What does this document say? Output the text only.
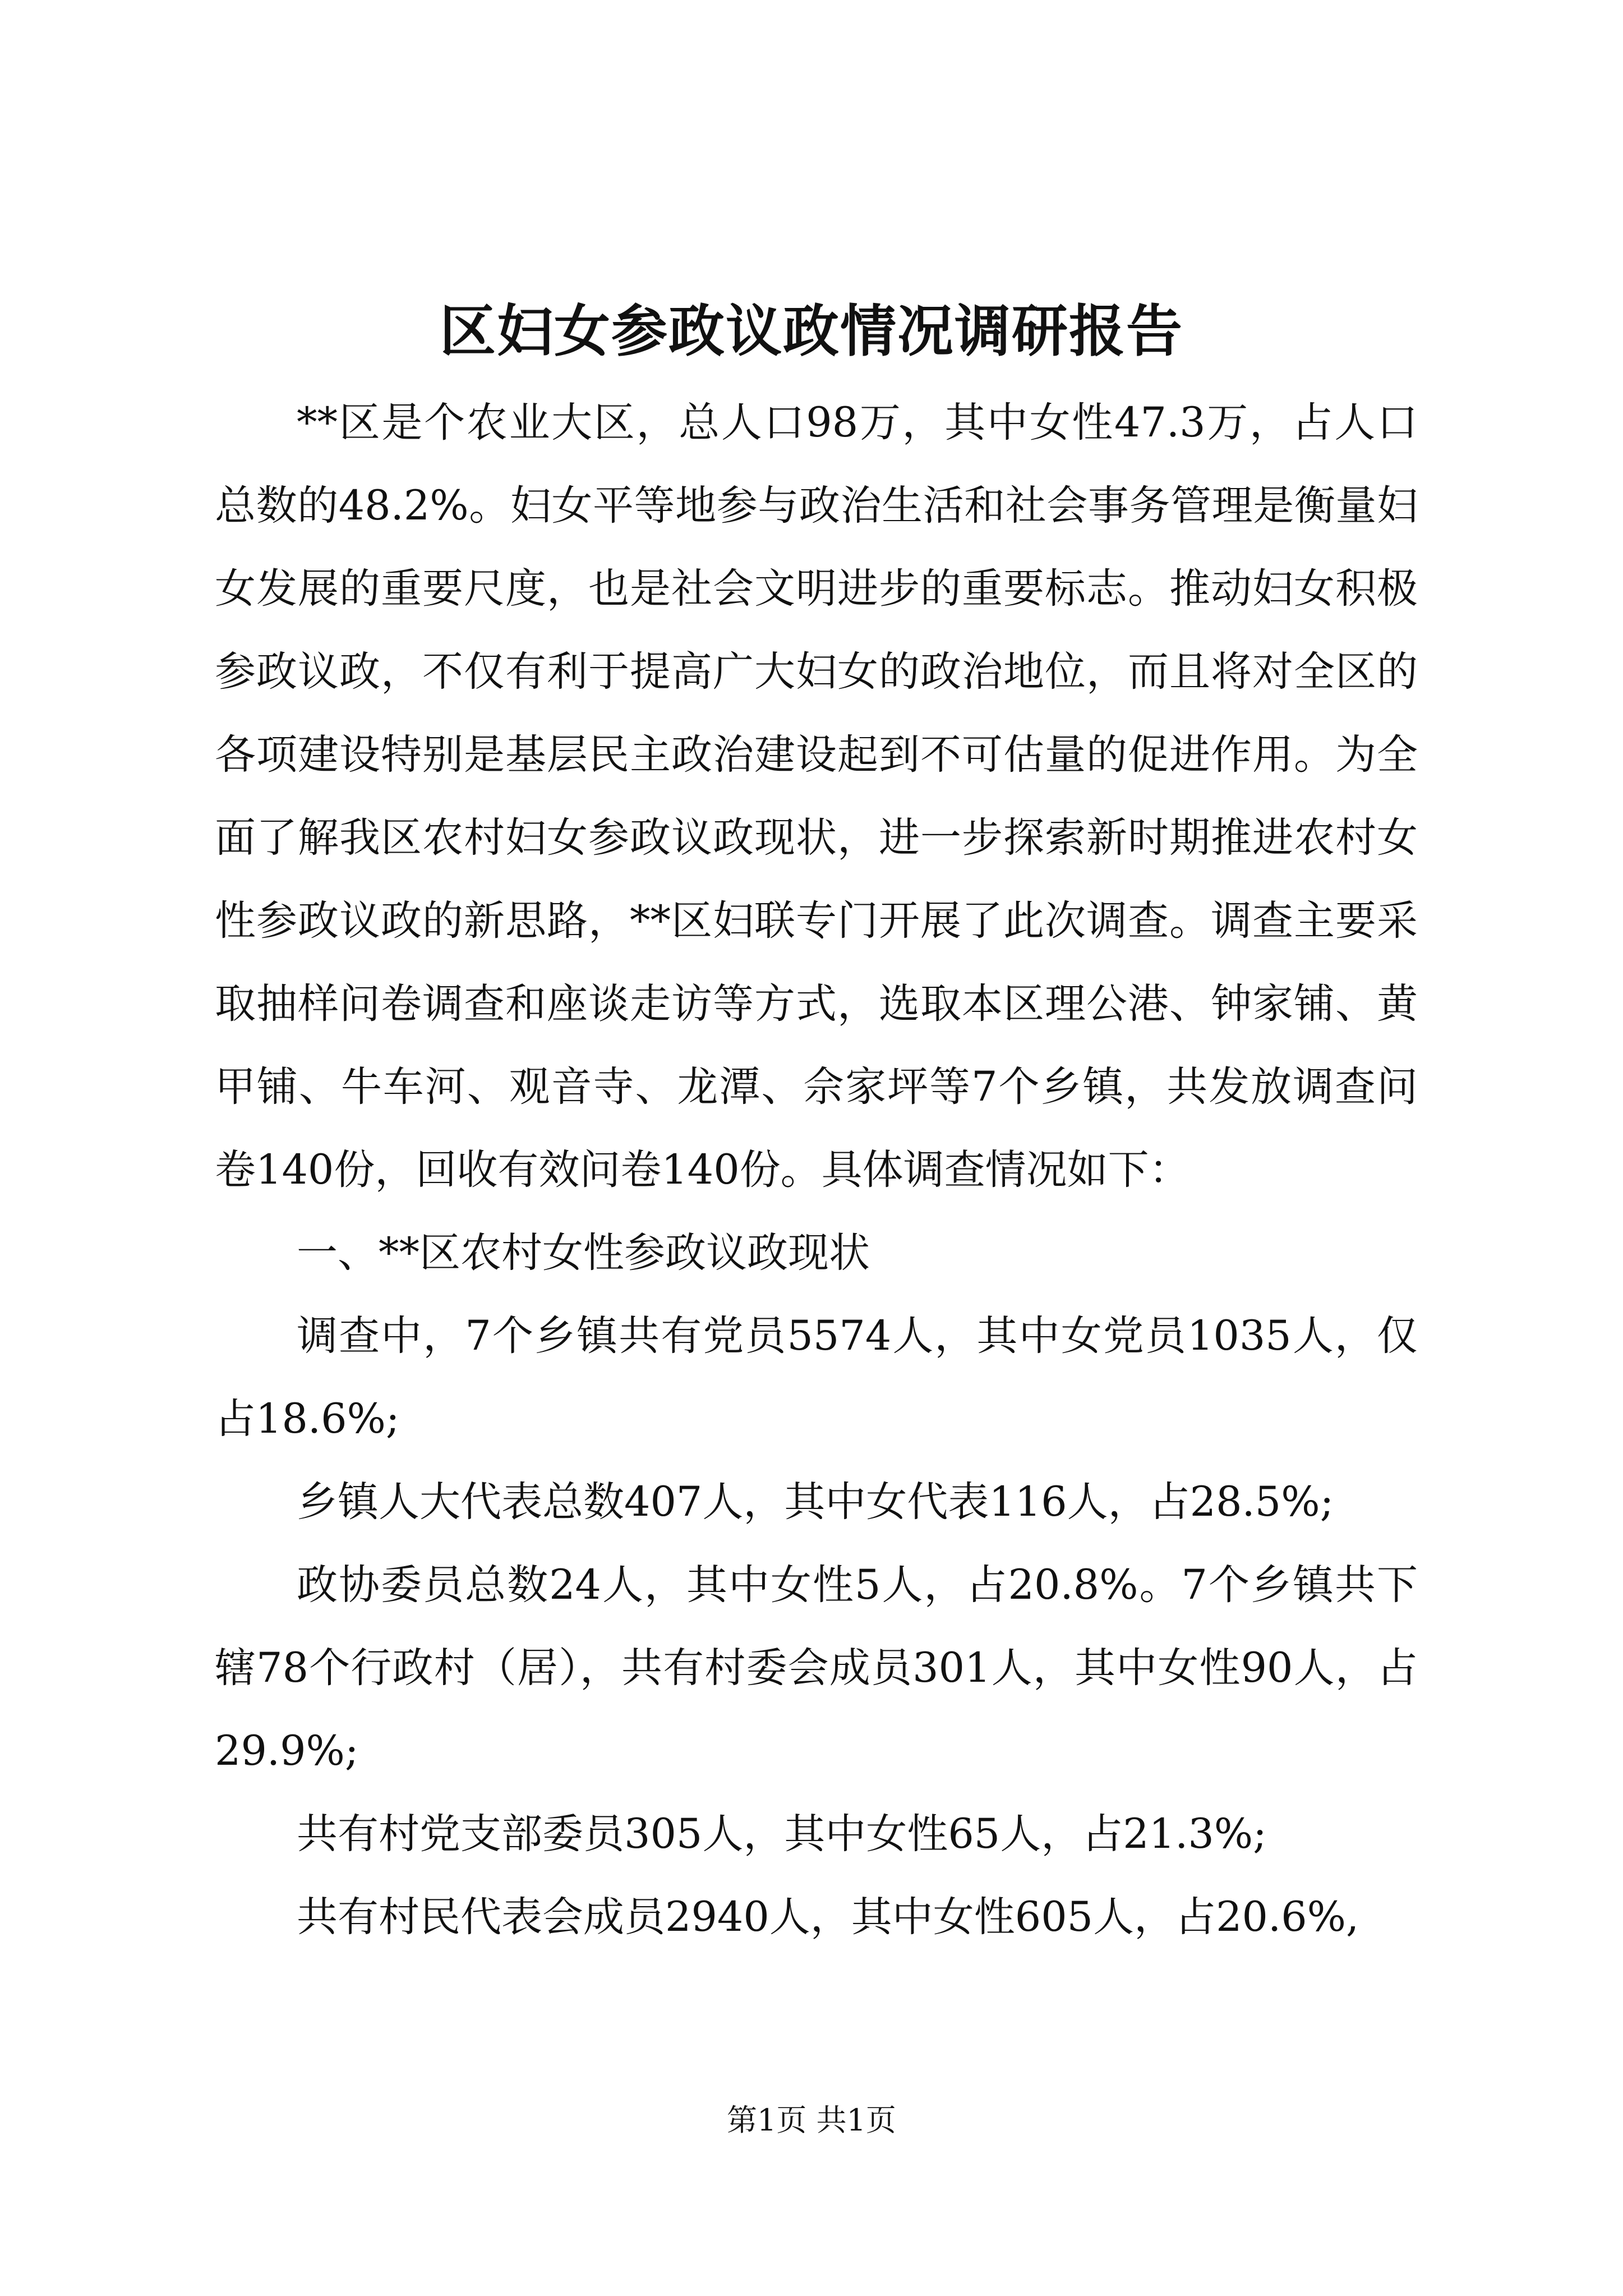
区妇女参政议政情况调研报告

**区是个农业大区，总人口98万，其中女性47.3万，占人口总数的48.2%。妇女平等地参与政治生活和社会事务管理是衡量妇女发展的重要尺度，也是社会文明进步的重要标志。推动妇女积极参政议政，不仅有利于提高广大妇女的政治地位，而且将对全区的各项建设特别是基层民主政治建设起到不可估量的促进作用。为全面了解我区农村妇女参政议政现状，进一步探索新时期推进农村女性参政议政的新思路，**区妇联专门开展了此次调查。调查主要采取抽样问卷调查和座谈走访等方式，选取本区理公港、钟家铺、黄甲铺、牛车河、观音寺、龙潭、佘家坪等7个乡镇，共发放调查问卷140份，回收有效问卷140份。具体调查情况如下：

一、**区农村女性参政议政现状

调查中，7个乡镇共有党员5574人，其中女党员1035人，仅占18.6%;

乡镇人大代表总数407人，其中女代表116人，占28.5%;

政协委员总数24人，其中女性5人，占20.8%。7个乡镇共下辖78个行政村（居），共有村委会成员301人，其中女性90人，占29.9%;

共有村党支部委员305人，其中女性65人，占21.3%;

共有村民代表会成员2940人，其中女性605人，占20.6%,

第1页 共1页
